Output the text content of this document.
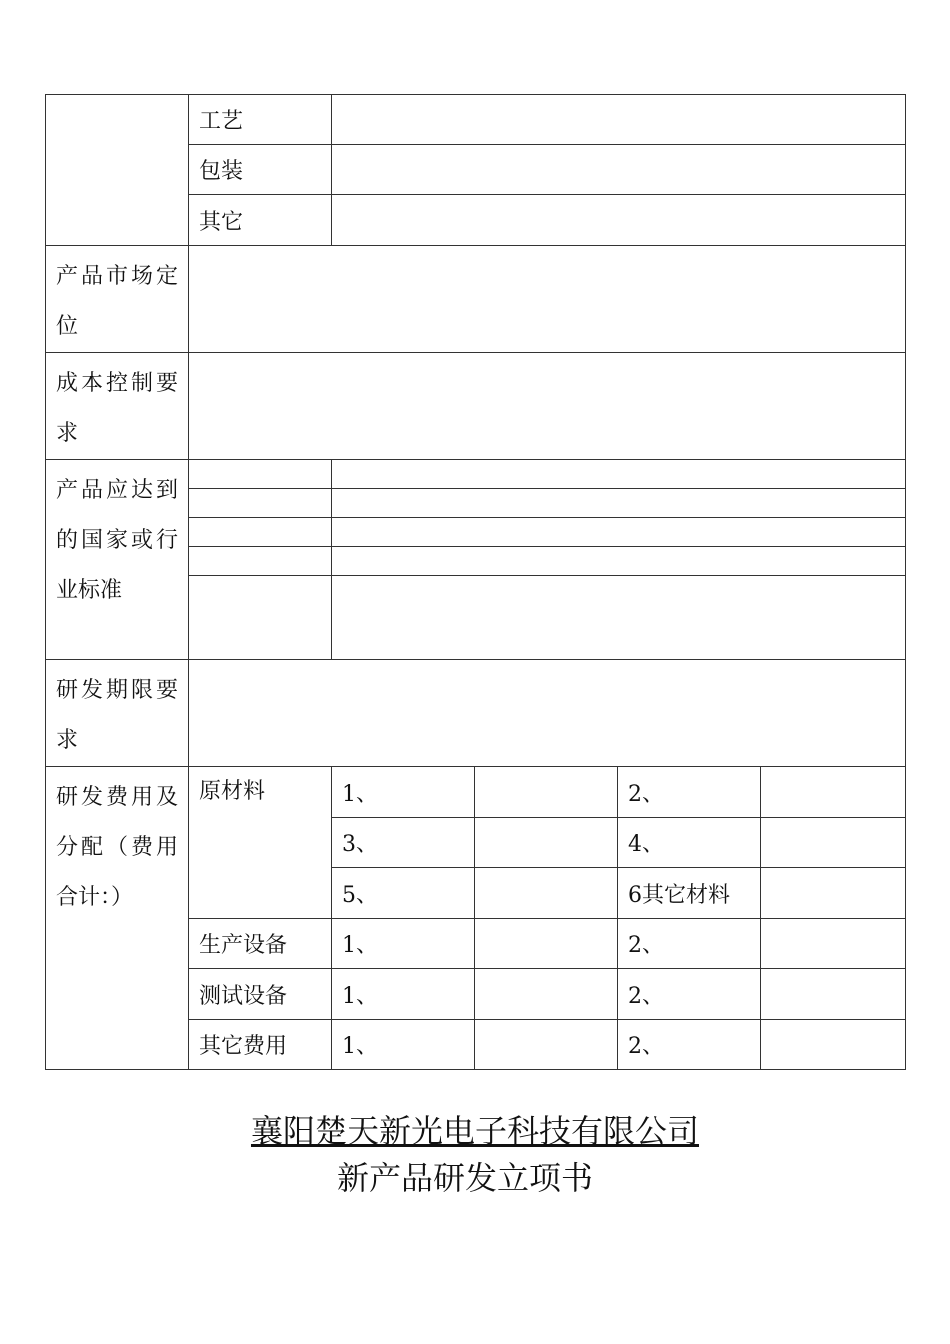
	工艺				
	包装				
	其它				
产品市场定位					
成本控制要求					
产品应达到的国家或行业标准					

研发期限要求					
研发费用及分配（费用合计：）	原材料	1、		2、	
		3、		4、	
		5、		6其它材料	
	生产设备	1、		2、	
	测试设备	1、		2、	
	其它费用	1、		2、	
襄阳楚天新光电子科技有限公司
新产品研发立项书
